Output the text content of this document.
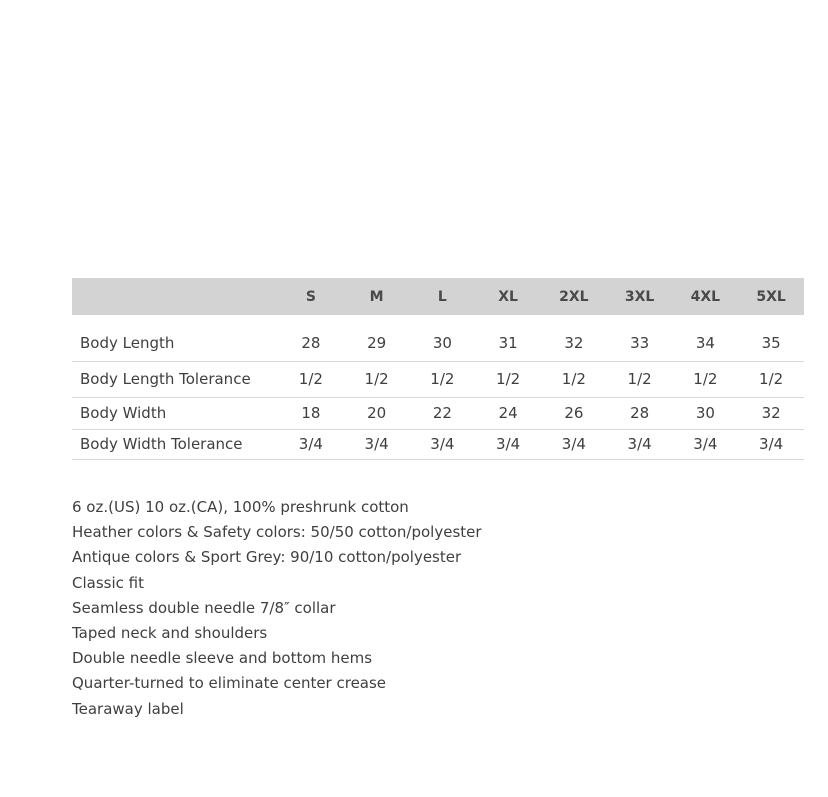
	S	M	L	XL	2XL	3XL	4XL	5XL
Body Length	28	29	30	31	32	33	34	35
Body Length Tolerance	1/2	1/2	1/2	1/2	1/2	1/2	1/2	1/2
Body Width	18	20	22	24	26	28	30	32
Body Width Tolerance	3/4	3/4	3/4	3/4	3/4	3/4	3/4	3/4
6 oz.(US) 10 oz.(CA), 100% preshrunk cotton
Heather colors & Safety colors: 50/50 cotton/polyester
Antique colors & Sport Grey: 90/10 cotton/polyester
Classic fit
Seamless double needle 7/8″ collar
Taped neck and shoulders
Double needle sleeve and bottom hems
Quarter-turned to eliminate center crease
Tearaway label
